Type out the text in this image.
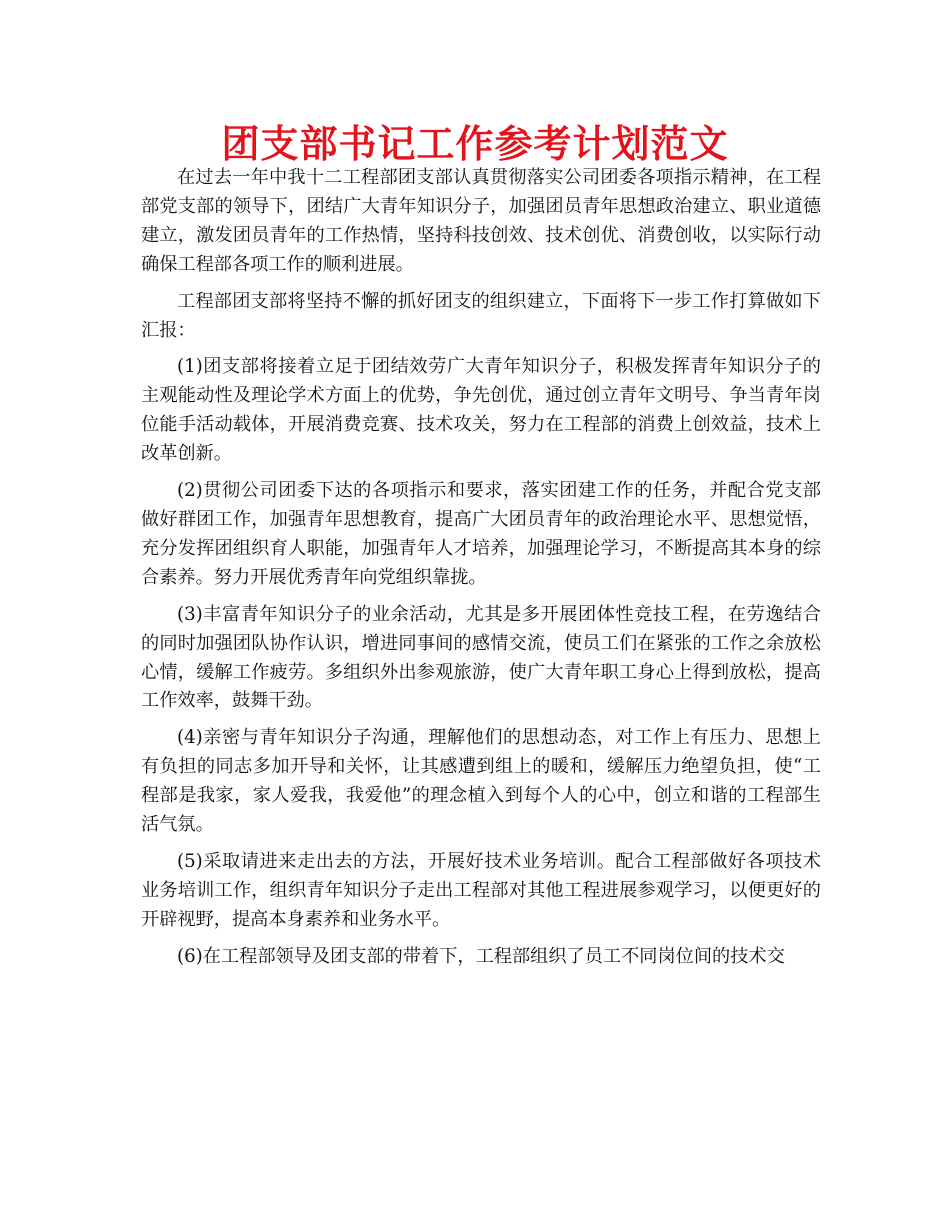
团支部书记工作参考计划范文

在过去一年中我十二工程部团支部认真贯彻落实公司团委各项指示精神，在工程部党支部的领导下，团结广大青年知识分子，加强团员青年思想政治建立、职业道德建立，激发团员青年的工作热情，坚持科技创效、技术创优、消费创收，以实际行动确保工程部各项工作的顺利进展。

工程部团支部将坚持不懈的抓好团支的组织建立，下面将下一步工作打算做如下汇报：

(1)团支部将接着立足于团结效劳广大青年知识分子，积极发挥青年知识分子的主观能动性及理论学术方面上的优势，争先创优，通过创立青年文明号、争当青年岗位能手活动载体，开展消费竞赛、技术攻关，努力在工程部的消费上创效益，技术上改革创新。

(2)贯彻公司团委下达的各项指示和要求，落实团建工作的任务，并配合党支部做好群团工作，加强青年思想教育，提高广大团员青年的政治理论水平、思想觉悟，充分发挥团组织育人职能，加强青年人才培养，加强理论学习，不断提高其本身的综合素养。努力开展优秀青年向党组织靠拢。

(3)丰富青年知识分子的业余活动，尤其是多开展团体性竞技工程，在劳逸结合的同时加强团队协作认识，增进同事间的感情交流，使员工们在紧张的工作之余放松心情，缓解工作疲劳。多组织外出参观旅游，使广大青年职工身心上得到放松，提高工作效率，鼓舞干劲。

(4)亲密与青年知识分子沟通，理解他们的思想动态，对工作上有压力、思想上有负担的同志多加开导和关怀，让其感遭到组上的暖和，缓解压力绝望负担，使“工程部是我家，家人爱我，我爱他”的理念植入到每个人的心中，创立和谐的工程部生活气氛。

(5)采取请进来走出去的方法，开展好技术业务培训。配合工程部做好各项技术业务培训工作，组织青年知识分子走出工程部对其他工程进展参观学习，以便更好的开辟视野，提高本身素养和业务水平。

(6)在工程部领导及团支部的带着下，工程部组织了员工不同岗位间的技术交
